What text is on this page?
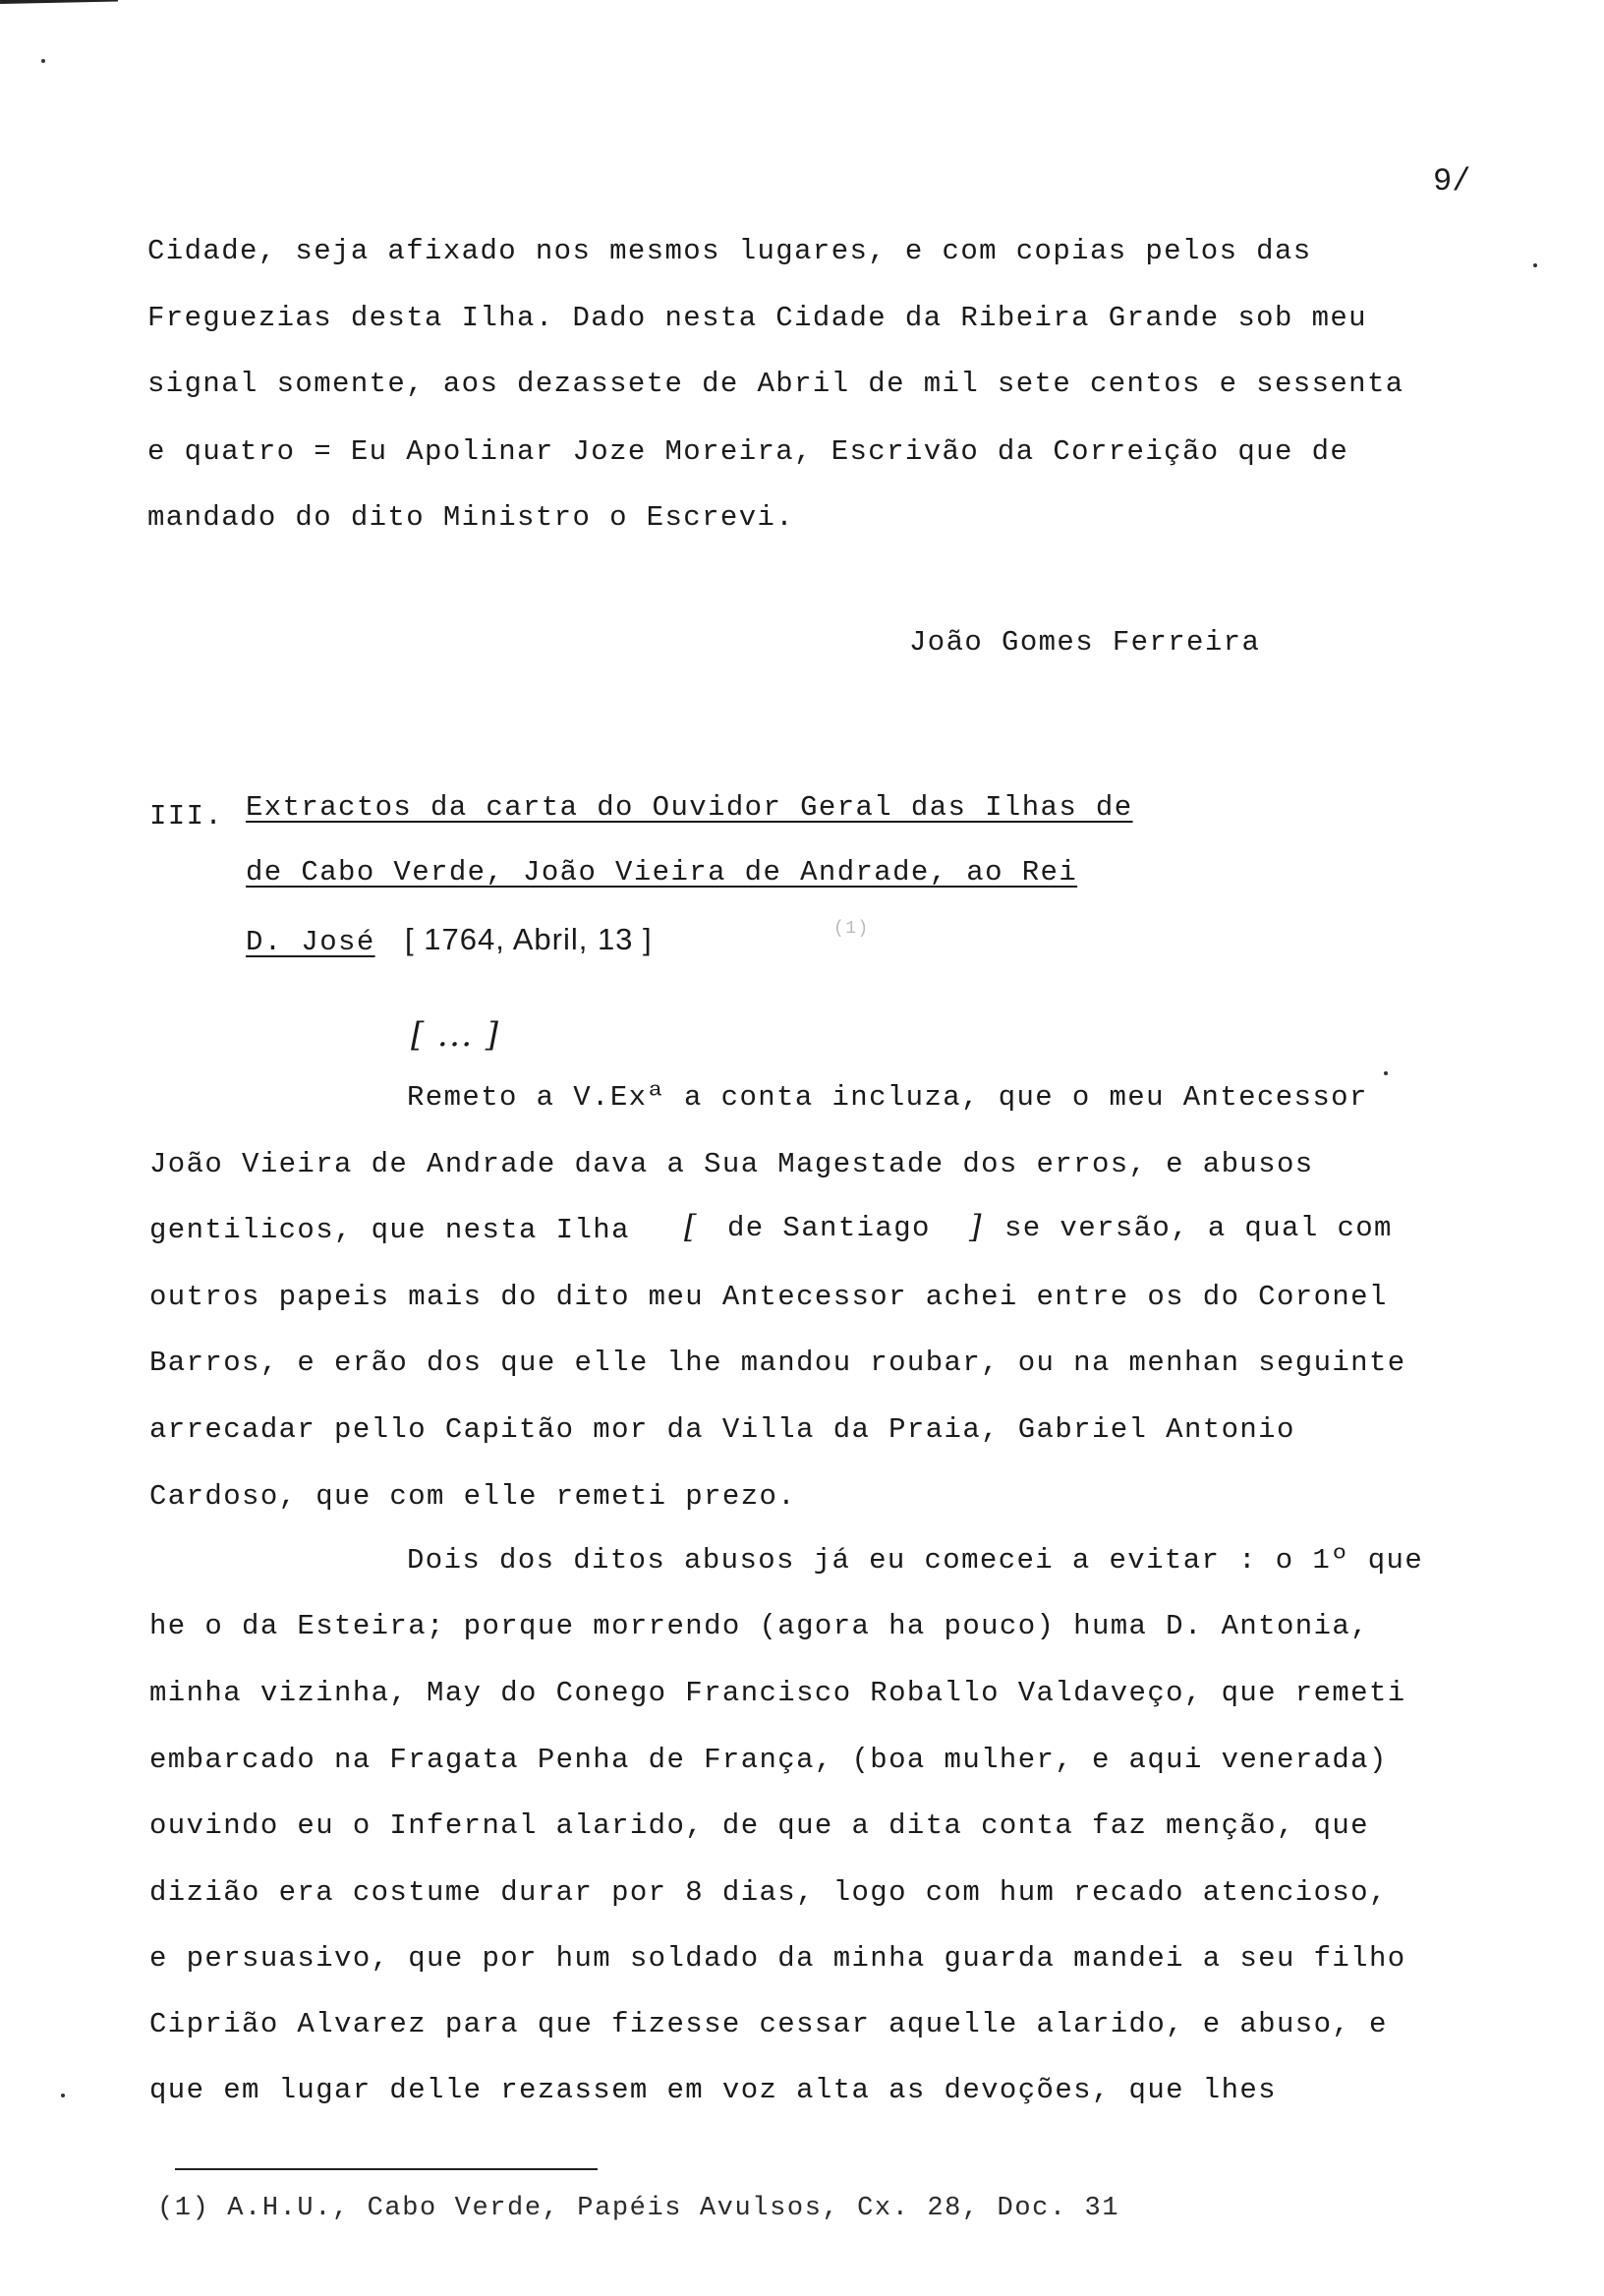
9/
Cidade, seja afixado nos mesmos lugares, e com copias pelos das
Freguezias desta Ilha. Dado nesta Cidade da Ribeira Grande sob meu
signal somente, aos dezassete de Abril de mil sete centos e sessenta
e quatro = Eu Apolinar Joze Moreira, Escrivão da Correição que de
mandado do dito Ministro o Escrevi.
João Gomes Ferreira
III. Extractos da carta do Ouvidor Geral das Ilhas de
de Cabo Verde, João Vieira de Andrade, ao Rei
D. José [ 1764, Abril, 13 ]	(1)
[ ... ]
Remeto a V.Exª a conta incluza, que o meu Antecessor
João Vieira de Andrade dava a Sua Magestade dos erros, e abusos
gentilicos, que nesta Ilha [ de Santiago ] se versão, a qual com
outros papeis mais do dito meu Antecessor achei entre os do Coronel
Barros, e erão dos que elle lhe mandou roubar, ou na menhan seguinte
arrecadar pello Capitão mor da Villa da Praia, Gabriel Antonio
Cardoso, que com elle remeti prezo.
Dois dos ditos abusos já eu comecei a evitar : o 1º que
he o da Esteira; porque morrendo (agora ha pouco) huma D. Antonia,
minha vizinha, May do Conego Francisco Roballo Valdaveço, que remeti
embarcado na Fragata Penha de França, (boa mulher, e aqui venerada)
ouvindo eu o Infernal alarido, de que a dita conta faz menção, que
dizião era costume durar por 8 dias, logo com hum recado atencioso,
e persuasivo, que por hum soldado da minha guarda mandei a seu filho
Ciprião Alvarez para que fizesse cessar aquelle alarido, e abuso, e
que em lugar delle rezassem em voz alta as devoções, que lhes
(1) A.H.U., Cabo Verde, Papéis Avulsos, Cx. 28, Doc. 31
